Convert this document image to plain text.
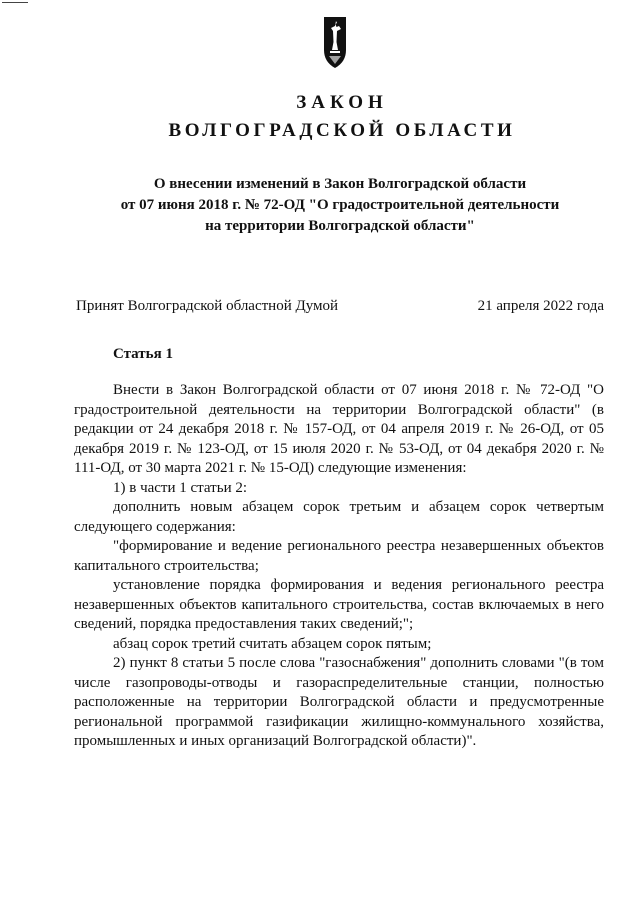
ЗАКОН
ВОЛГОГРАДСКОЙ ОБЛАСТИ
О внесении изменений в Закон Волгоградской области
от 07 июня 2018 г. № 72-ОД "О градостроительной деятельности
на территории Волгоградской области"
Принят Волгоградской областной Думой	21 апреля 2022 года
Статья 1

Внести в Закон Волгоградской области от 07 июня 2018 г. № 72-ОД "О градостроительной деятельности на территории Волгоградской области" (в редакции от 24 декабря 2018 г. № 157-ОД, от 04 апреля 2019 г. № 26-ОД, от 05 декабря 2019 г. № 123-ОД, от 15 июля 2020 г. № 53-ОД, от 04 декабря 2020 г. № 111-ОД, от 30 марта 2021 г. № 15-ОД) следующие изменения:

1) в части 1 статьи 2:

дополнить новым абзацем сорок третьим и абзацем сорок четвертым следующего содержания:

"формирование и ведение регионального реестра незавершенных объектов капитального строительства;

установление порядка формирования и ведения регионального реестра незавершенных объектов капитального строительства, состав включаемых в него сведений, порядка предоставления таких сведений;";

абзац сорок третий считать абзацем сорок пятым;

2) пункт 8 статьи 5 после слова "газоснабжения" дополнить словами "(в том числе газопроводы-отводы и газораспределительные станции, полностью расположенные на территории Волгоградской области и предусмотренные региональной программой газификации жилищно-коммунального хозяйства, промышленных и иных организаций Волгоградской области)".
